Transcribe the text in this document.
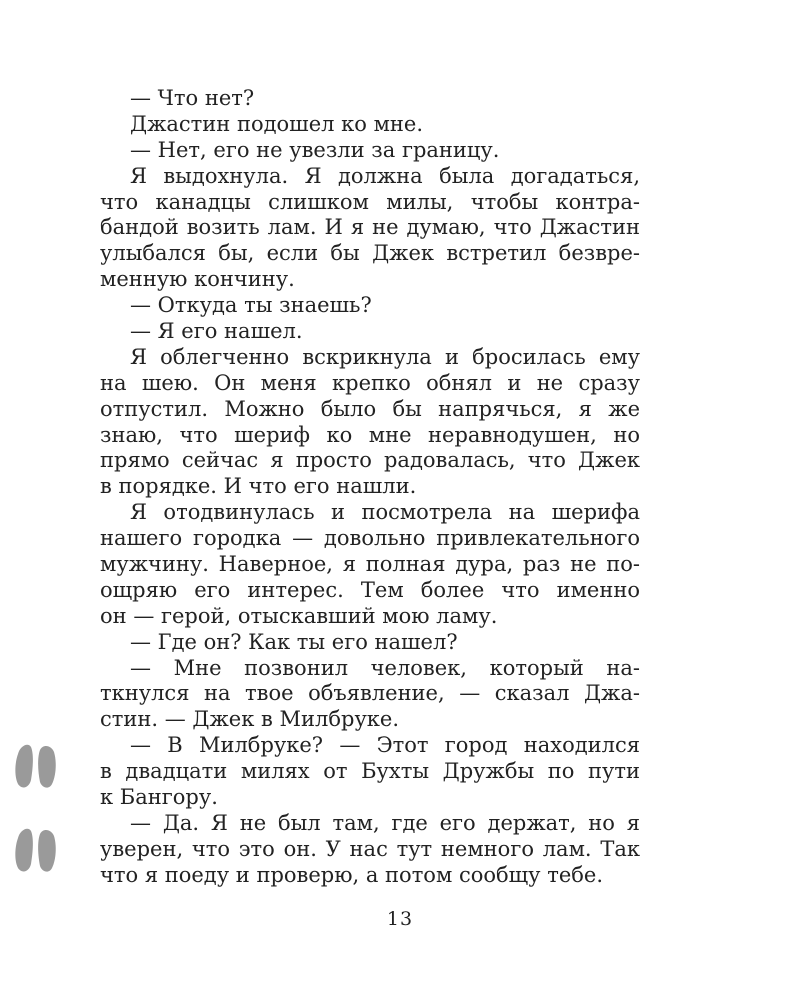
— Что нет?
Джастин подошел ко мне.
— Нет, его не увезли за границу.
Я выдохнула. Я должна была догадаться,
что канадцы слишком милы, чтобы контра-
бандой возить лам. И я не думаю, что Джастин
улыбался бы, если бы Джек встретил безвре-
менную кончину.
— Откуда ты знаешь?
— Я его нашел.
Я облегченно вскрикнула и бросилась ему
на шею. Он меня крепко обнял и не сразу
отпустил. Можно было бы напрячься, я же
знаю, что шериф ко мне неравнодушен, но
прямо сейчас я просто радовалась, что Джек
в порядке. И что его нашли.
Я отодвинулась и посмотрела на шерифа
нашего городка — довольно привлекательного
мужчину. Наверное, я полная дура, раз не по-
ощряю его интерес. Тем более что именно
он — герой, отыскавший мою ламу.
— Где он? Как ты его нашел?
— Мне позвонил человек, который на-
ткнулся на твое объявление, — сказал Джа-
стин. — Джек в Милбруке.
— В Милбруке? — Этот город находился
в двадцати милях от Бухты Дружбы по пути
к Бангору.
— Да. Я не был там, где его держат, но я
уверен, что это он. У нас тут немного лам. Так
что я поеду и проверю, а потом сообщу тебе.
13
